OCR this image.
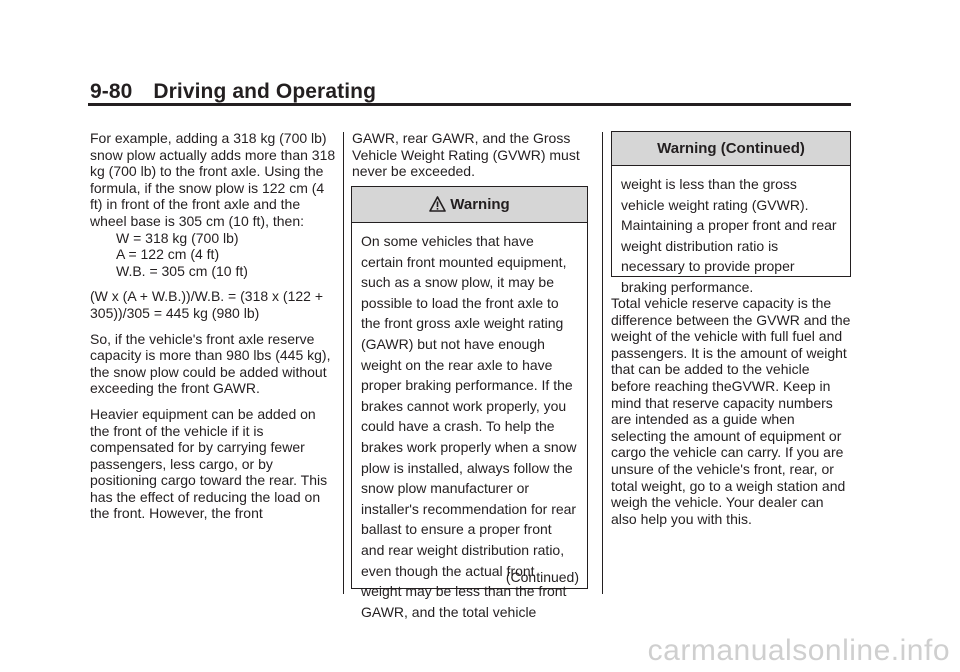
9-80 Driving and Operating

For example, adding a 318 kg (700 lb) snow plow actually adds more than 318 kg (700 lb) to the front axle. Using the formula, if the snow plow is 122 cm (4 ft) in front of the front axle and the wheel base is 305 cm (10 ft), then:

W = 318 kg (700 lb)

A = 122 cm (4 ft)

W.B. = 305 cm (10 ft)

(W x (A + W.B.))/W.B. = (318 x (122 + 305))/305 = 445 kg (980 lb)

So, if the vehicle's front axle reserve capacity is more than 980 lbs (445 kg), the snow plow could be added without exceeding the front GAWR.

Heavier equipment can be added on the front of the vehicle if it is compensated for by carrying fewer passengers, less cargo, or by positioning cargo toward the rear. This has the effect of reducing the load on the front. However, the front

GAWR, rear GAWR, and the Gross Vehicle Weight Rating (GVWR) must never be exceeded.

Warning
On some vehicles that have certain front mounted equipment, such as a snow plow, it may be possible to load the front axle to the front gross axle weight rating (GAWR) but not have enough weight on the rear axle to have proper braking performance. If the brakes cannot work properly, you could have a crash. To help the brakes work properly when a snow plow is installed, always follow the snow plow manufacturer or installer's recommendation for rear ballast to ensure a proper front and rear weight distribution ratio, even though the actual front weight may be less than the front GAWR, and the total vehicle
(Continued)
Warning (Continued)
weight is less than the gross vehicle weight rating (GVWR). Maintaining a proper front and rear weight distribution ratio is necessary to provide proper braking performance.
Total vehicle reserve capacity is the difference between the GVWR and the weight of the vehicle with full fuel and passengers. It is the amount of weight that can be added to the vehicle before reaching theGVWR. Keep in mind that reserve capacity numbers are intended as a guide when selecting the amount of equipment or cargo the vehicle can carry. If you are unsure of the vehicle's front, rear, or total weight, go to a weigh station and weigh the vehicle. Your dealer can also help you with this.
carmanualsonline.info
